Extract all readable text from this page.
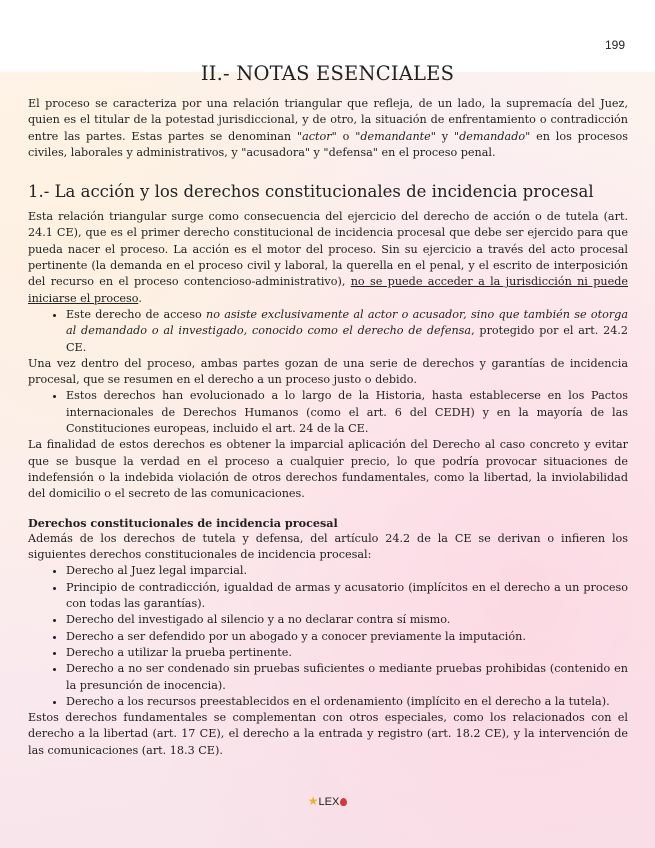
199
II.- NOTAS ESENCIALES

El proceso se caracteriza por una relación triangular que refleja, de un lado, la supremacía del Juez, quien es el titular de la potestad jurisdiccional, y de otro, la situación de enfrentamiento o contradicción entre las partes. Estas partes se denominan "actor" o "demandante" y "demandado" en los procesos civiles, laborales y administrativos, y "acusadora" y "defensa" en el proceso penal.

1.- La acción y los derechos constitucionales de incidencia procesal

Esta relación triangular surge como consecuencia del ejercicio del derecho de acción o de tutela (art. 24.1 CE), que es el primer derecho constitucional de incidencia procesal que debe ser ejercido para que pueda nacer el proceso. La acción es el motor del proceso. Sin su ejercicio a través del acto procesal pertinente (la demanda en el proceso civil y laboral, la querella en el penal, y el escrito de interposición del recurso en el proceso contencioso-administrativo), no se puede acceder a la jurisdicción ni puede iniciarse el proceso.

• Este derecho de acceso no asiste exclusivamente al actor o acusador, sino que también se otorga al demandado o al investigado, conocido como el derecho de defensa, protegido por el art. 24.2 CE.

Una vez dentro del proceso, ambas partes gozan de una serie de derechos y garantías de incidencia procesal, que se resumen en el derecho a un proceso justo o debido.

• Estos derechos han evolucionado a lo largo de la Historia, hasta establecerse en los Pactos internacionales de Derechos Humanos (como el art. 6 del CEDH) y en la mayoría de las Constituciones europeas, incluido el art. 24 de la CE.

La finalidad de estos derechos es obtener la imparcial aplicación del Derecho al caso concreto y evitar que se busque la verdad en el proceso a cualquier precio, lo que podría provocar situaciones de indefensión o la indebida violación de otros derechos fundamentales, como la libertad, la inviolabilidad del domicilio o el secreto de las comunicaciones.

Derechos constitucionales de incidencia procesal

Además de los derechos de tutela y defensa, del artículo 24.2 de la CE se derivan o infieren los siguientes derechos constitucionales de incidencia procesal:

• Derecho al Juez legal imparcial.
• Principio de contradicción, igualdad de armas y acusatorio (implícitos en el derecho a un proceso con todas las garantías).
• Derecho del investigado al silencio y a no declarar contra sí mismo.
• Derecho a ser defendido por un abogado y a conocer previamente la imputación.
• Derecho a utilizar la prueba pertinente.
• Derecho a no ser condenado sin pruebas suficientes o mediante pruebas prohibidas (contenido en la presunción de inocencia).
• Derecho a los recursos preestablecidos en el ordenamiento (implícito en el derecho a la tutela).

Estos derechos fundamentales se complementan con otros especiales, como los relacionados con el derecho a la libertad (art. 17 CE), el derecho a la entrada y registro (art. 18.2 CE), y la intervención de las comunicaciones (art. 18.3 CE).

★LEX
